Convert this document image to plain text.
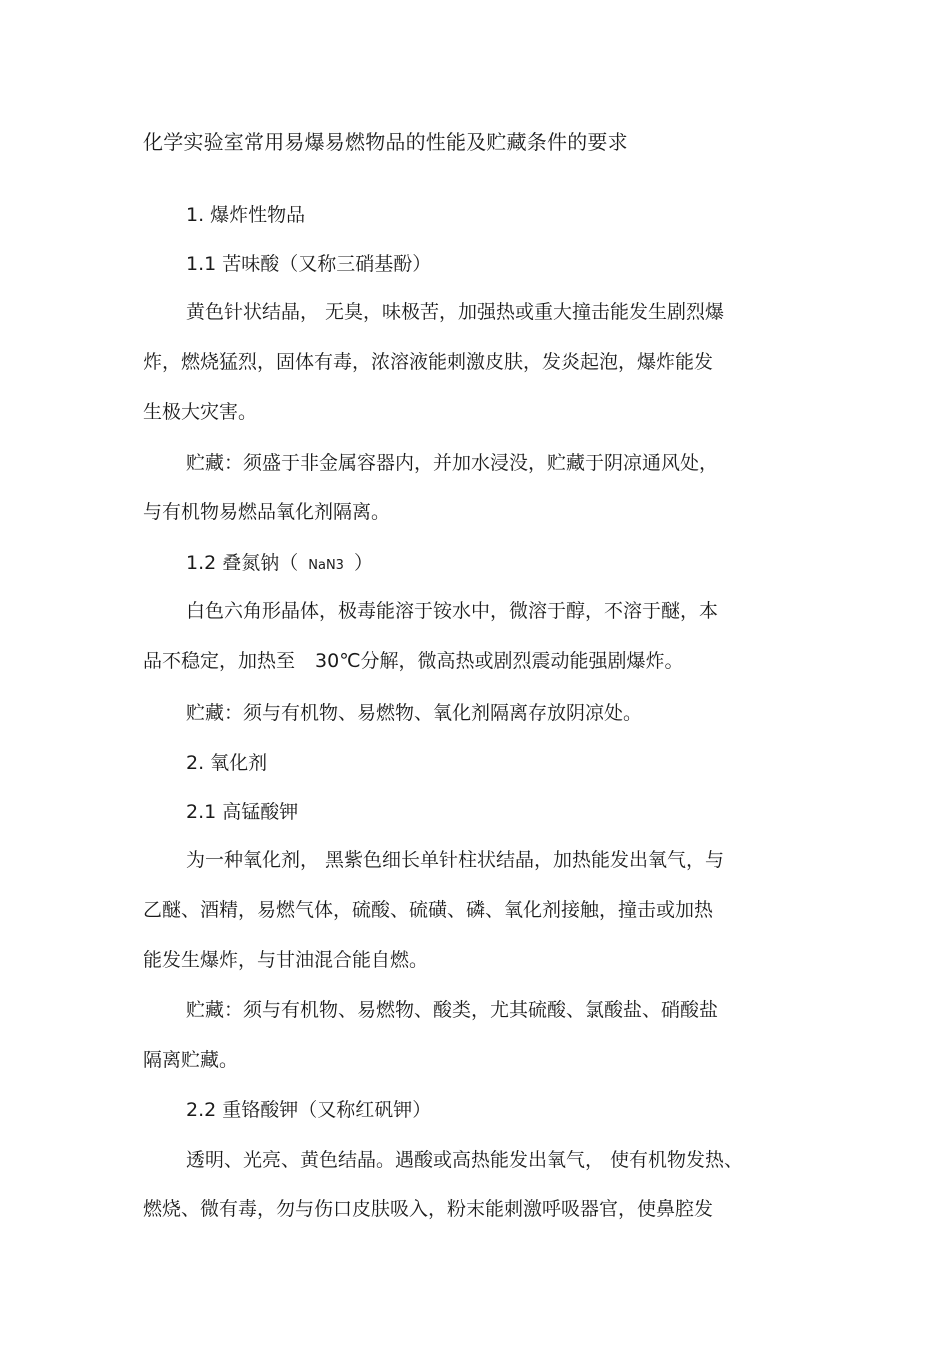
化学实验室常用易爆易燃物品的性能及贮藏条件的要求
1. 爆炸性物品
1.1 苦味酸（又称三硝基酚）
黄色针状结晶， 无臭，味极苦，加强热或重大撞击能发生剧烈爆
炸，燃烧猛烈，固体有毒，浓溶液能刺激皮肤，发炎起泡，爆炸能发
生极大灾害。
贮藏：须盛于非金属容器内，并加水浸没，贮藏于阴凉通风处，
与有机物易燃品氧化剂隔离。
1.2 叠氮钠（ NaN3 ）
白色六角形晶体，极毒能溶于铵水中，微溶于醇，不溶于醚，本
品不稳定，加热至 30℃分解，微高热或剧烈震动能强剧爆炸。
贮藏：须与有机物、易燃物、氧化剂隔离存放阴凉处。
2. 氧化剂
2.1 高锰酸钾
为一种氧化剂， 黑紫色细长单针柱状结晶，加热能发出氧气，与
乙醚、酒精，易燃气体，硫酸、硫磺、磷、氧化剂接触，撞击或加热
能发生爆炸，与甘油混合能自燃。
贮藏：须与有机物、易燃物、酸类，尤其硫酸、氯酸盐、硝酸盐
隔离贮藏。
2.2 重铬酸钾（又称红矾钾）
透明、光亮、黄色结晶。遇酸或高热能发出氧气， 使有机物发热、
燃烧、微有毒，勿与伤口皮肤吸入，粉末能刺激呼吸器官，使鼻腔发
